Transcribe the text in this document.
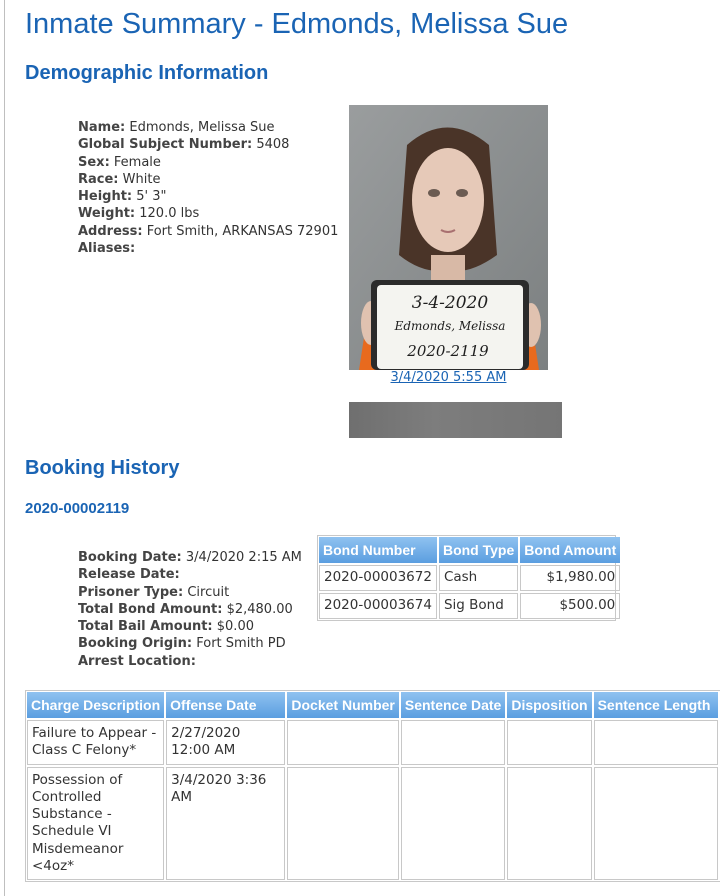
Inmate Summary - Edmonds, Melissa Sue
Demographic Information
Name: Edmonds, Melissa Sue
Global Subject Number: 5408
Sex: Female
Race: White
Height: 5' 3"
Weight: 120.0 lbs
Address: Fort Smith, ARKANSAS 72901
Aliases:
3-4-2020
Edmonds, Melissa
2020-2119
3/4/2020 5:55 AM
Booking History
2020-00002119
Booking Date: 3/4/2020 2:15 AM
Release Date:
Prisoner Type: Circuit
Total Bond Amount: $2,480.00
Total Bail Amount: $0.00
Booking Origin: Fort Smith PD
Arrest Location:
Bond Number	Bond Type	Bond Amount
2020-00003672	Cash	$1,980.00
2020-00003674	Sig Bond	$500.00
Charge Description	Offense Date	Docket Number	Sentence Date	Disposition	Sentence Length
Failure to Appear - Class C Felony*	2/27/2020 12:00 AM				
Possession of Controlled Substance - Schedule VI Misdemeanor <4oz*	3/4/2020 3:36 AM				
